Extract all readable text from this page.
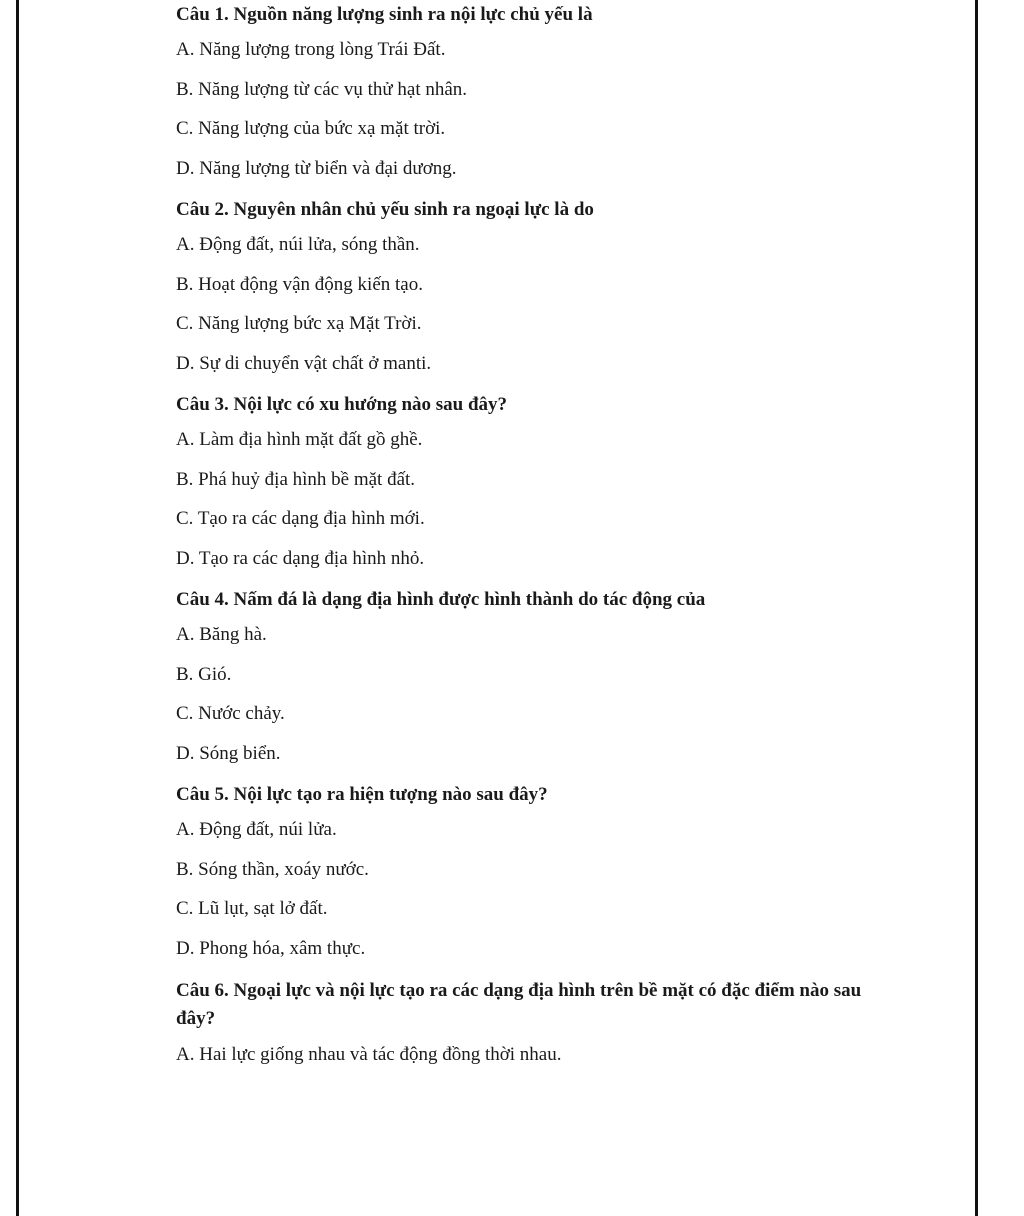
Câu 1. Nguồn năng lượng sinh ra nội lực chủ yếu là
A. Năng lượng trong lòng Trái Đất.
B. Năng lượng từ các vụ thử hạt nhân.
C. Năng lượng của bức xạ mặt trời.
D. Năng lượng từ biển và đại dương.
Câu 2. Nguyên nhân chủ yếu sinh ra ngoại lực là do
A. Động đất, núi lửa, sóng thần.
B. Hoạt động vận động kiến tạo.
C. Năng lượng bức xạ Mặt Trời.
D. Sự di chuyển vật chất ở manti.
Câu 3. Nội lực có xu hướng nào sau đây?
A. Làm địa hình mặt đất gồ ghề.
B. Phá huỷ địa hình bề mặt đất.
C. Tạo ra các dạng địa hình mới.
D. Tạo ra các dạng địa hình nhỏ.
Câu 4. Nấm đá là dạng địa hình được hình thành do tác động của
A. Băng hà.
B. Gió.
C. Nước chảy.
D. Sóng biển.
Câu 5. Nội lực tạo ra hiện tượng nào sau đây?
A. Động đất, núi lửa.
B. Sóng thần, xoáy nước.
C. Lũ lụt, sạt lở đất.
D. Phong hóa, xâm thực.
Câu 6. Ngoại lực và nội lực tạo ra các dạng địa hình trên bề mặt có đặc điểm nào sau đây?
A. Hai lực giống nhau và tác động đồng thời nhau.
